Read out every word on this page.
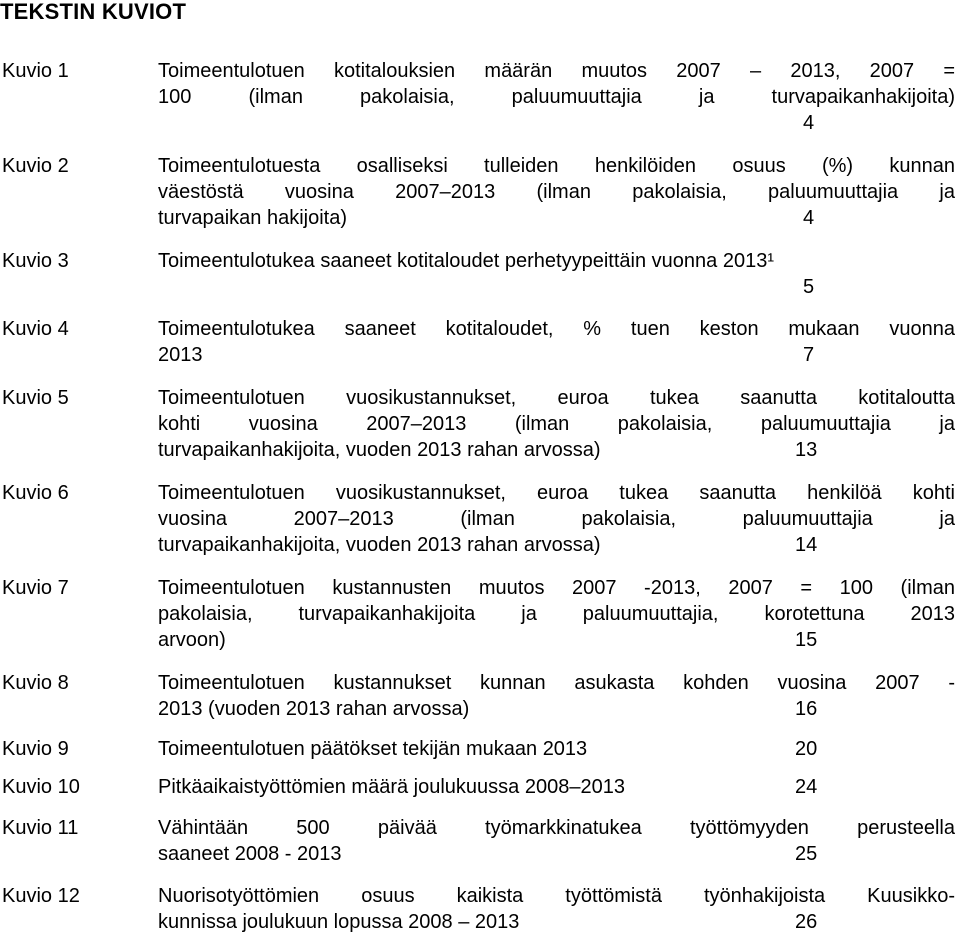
TEKSTIN KUVIOT
Kuvio 1	Toimeentulotuen kotitalouksien määrän muutos 2007 – 2013, 2007 =
100 (ilman pakolaisia, paluumuuttajia ja turvapaikanhakijoita)
4
Kuvio 2	Toimeentulotuesta osalliseksi tulleiden henkilöiden osuus (%) kunnan
väestöstä vuosina 2007–2013 (ilman pakolaisia, paluumuuttajia ja
turvapaikan hakijoita)	4
Kuvio 3	Toimeentulotukea saaneet kotitaloudet perhetyypeittäin vuonna 2013¹
5
Kuvio 4	Toimeentulotukea saaneet kotitaloudet, % tuen keston mukaan vuonna
2013	7
Kuvio 5	Toimeentulotuen vuosikustannukset, euroa tukea saanutta kotitaloutta
kohti vuosina 2007–2013 (ilman pakolaisia, paluumuuttajia ja
turvapaikanhakijoita, vuoden 2013 rahan arvossa)	13
Kuvio 6	Toimeentulotuen vuosikustannukset, euroa tukea saanutta henkilöä kohti
vuosina 2007–2013 (ilman pakolaisia, paluumuuttajia ja
turvapaikanhakijoita, vuoden 2013 rahan arvossa)	14
Kuvio 7	Toimeentulotuen kustannusten muutos 2007 -2013, 2007 = 100 (ilman
pakolaisia, turvapaikanhakijoita ja paluumuuttajia, korotettuna 2013
arvoon)	15
Kuvio 8	Toimeentulotuen kustannukset kunnan asukasta kohden vuosina 2007 -
2013 (vuoden 2013 rahan arvossa)	16
Kuvio 9	Toimeentulotuen päätökset tekijän mukaan 2013	20
Kuvio 10	Pitkäaikaistyöttömien määrä joulukuussa 2008–2013	24
Kuvio 11	Vähintään 500 päivää työmarkkinatukea työttömyyden perusteella
saaneet 2008 - 2013	25
Kuvio 12	Nuorisotyöttömien osuus kaikista työttömistä työnhakijoista Kuusikko-
kunnissa joulukuun lopussa 2008 – 2013	26
